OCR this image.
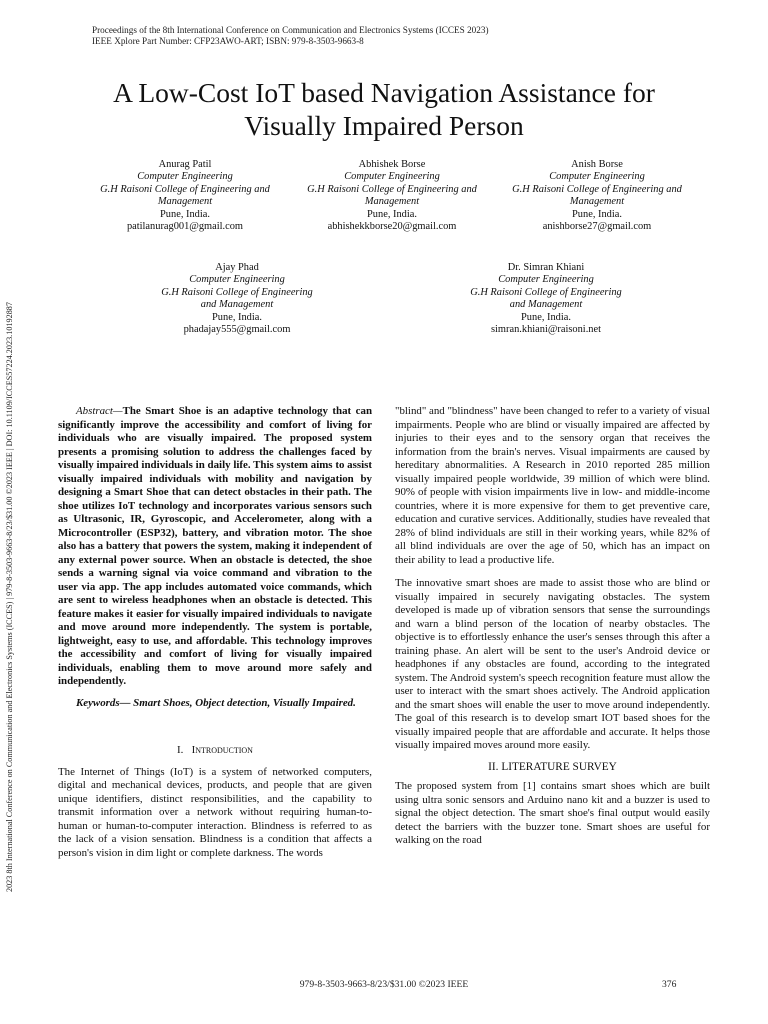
Proceedings of the 8th International Conference on Communication and Electronics Systems (ICCES 2023)
IEEE Xplore Part Number: CFP23AWO-ART; ISBN: 979-8-3503-9663-8
A Low-Cost IoT based Navigation Assistance for
Visually Impaired Person
Anurag Patil
Computer Engineering
G.H Raisoni College of Engineering and
Management
Pune, India.
patilanurag001@gmail.com
Abhishek Borse
Computer Engineering
G.H Raisoni College of Engineering and
Management
Pune, India.
abhishekkborse20@gmail.com
Anish Borse
Computer Engineering
G.H Raisoni College of Engineering and
Management
Pune, India.
anishborse27@gmail.com
Ajay Phad
Computer Engineering
G.H Raisoni College of Engineering
and Management
Pune, India.
phadajay555@gmail.com
Dr. Simran Khiani
Computer Engineering
G.H Raisoni College of Engineering
and Management
Pune, India.
simran.khiani@raisoni.net
2023 8th International Conference on Communication and Electronics Systems (ICCES) | 979-8-3503-9663-8/23/$31.00 ©2023 IEEE | DOI: 10.1109/ICCES57224.2023.10192887	Abstract—The Smart Shoe is an adaptive technology that can significantly improve the accessibility and comfort of living for individuals who are visually impaired. The proposed system presents a promising solution to address the challenges faced by visually impaired individuals in daily life. This system aims to assist visually impaired individuals with mobility and navigation by designing a Smart Shoe that can detect obstacles in their path. The shoe utilizes IoT technology and incorporates various sensors such as Ultrasonic, IR, Gyroscopic, and Accelerometer, along with a Microcontroller (ESP32), battery, and vibration motor. The shoe also has a battery that powers the system, making it independent of any external power source. When an obstacle is detected, the shoe sends a warning signal via voice command and vibration to the user via app. The app includes automated voice commands, which are sent to wireless headphones when an obstacle is detected. This feature makes it easier for visually impaired individuals to navigate and move around more independently. The system is portable, lightweight, easy to use, and affordable. This technology improves the accessibility and comfort of living for visually impaired individuals, enabling them to move around more safely and independently.

Keywords— Smart Shoes, Object detection, Visually Impaired.

I. Introduction

The Internet of Things (IoT) is a system of networked computers, digital and mechanical devices, products, and people that are given unique identifiers, distinct responsibilities, and the capability to transmit information over a network without requiring human-to-human or human-to-computer interaction. Blindness is referred to as the lack of a vision sensation. Blindness is a condition that affects a person's vision in dim light or complete darkness. The words

"blind" and "blindness" have been changed to refer to a variety of visual impairments. People who are blind or visually impaired are affected by injuries to their eyes and to the sensory organ that receives the information from the brain's nerves. Visual impairments are caused by hereditary abnormalities. A Research in 2010 reported 285 million visually impaired people worldwide, 39 million of which were blind. 90% of people with vision impairments live in low- and middle-income countries, where it is more expensive for them to get preventive care, education and curative services. Additionally, studies have revealed that 28% of blind individuals are still in their working years, while 82% of all blind individuals are over the age of 50, which has an impact on their ability to lead a productive life.

The innovative smart shoes are made to assist those who are blind or visually impaired in securely navigating obstacles. The system developed is made up of vibration sensors that sense the surroundings and warn a blind person of the location of nearby obstacles. The objective is to effortlessly enhance the user's senses through this after a training phase. An alert will be sent to the user's Android device or headphones if any obstacles are found, according to the integrated system. The Android system's speech recognition feature must allow the user to interact with the smart shoes actively. The Android application and the smart shoes will enable the user to move around independently. The goal of this research is to develop smart IOT based shoes for the visually impaired people that are affordable and accurate. It helps those visually impaired moves around more easily.

II. LITERATURE SURVEY

The proposed system from [1] contains smart shoes which are built using ultra sonic sensors and Arduino nano kit and a buzzer is used to signal the object detection. The smart shoe's final output would easily detect the barriers with the buzzer tone. Smart shoes are useful for walking on the road

979-8-3503-9663-8/23/$31.00 ©2023 IEEE	376
